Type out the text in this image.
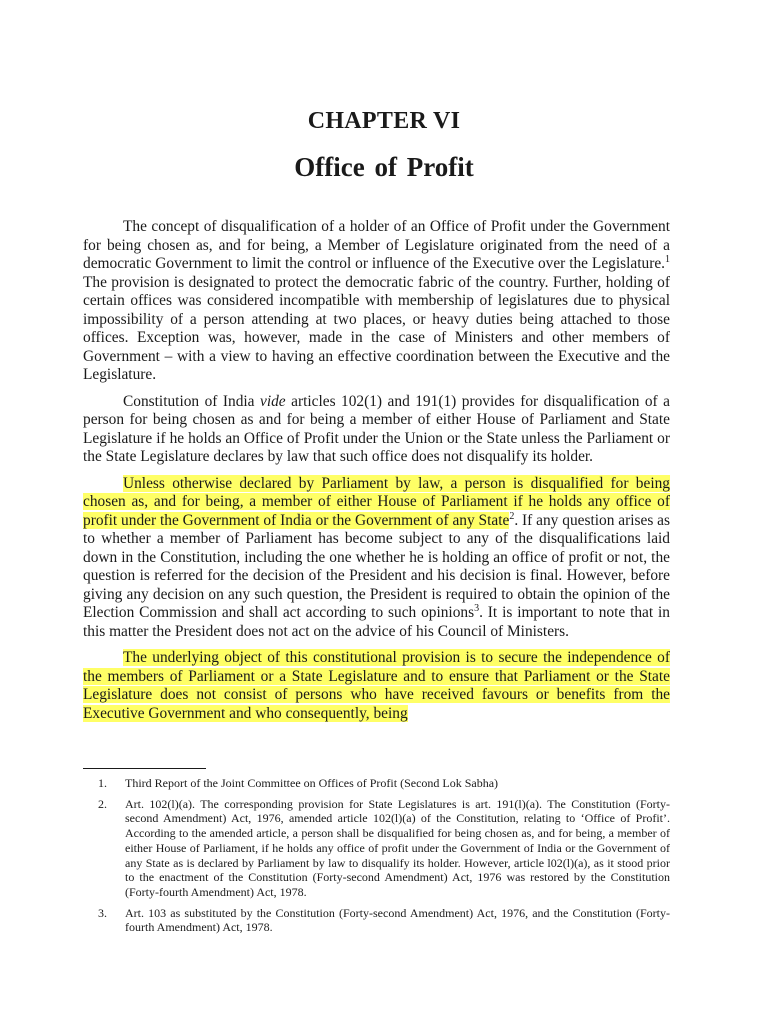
CHAPTER VI
Office of Profit

The concept of disqualification of a holder of an Office of Profit under the Government for being chosen as, and for being, a Member of Legislature originated from the need of a democratic Government to limit the control or influence of the Executive over the Legislature.$^1$ The provision is designated to protect the democratic fabric of the country. Further, holding of certain offices was considered incompatible with membership of legislatures due to physical impossibility of a person attending at two places, or heavy duties being attached to those offices. Exception was, however, made in the case of Ministers and other members of Government – with a view to having an effective coordination between the Executive and the Legislature.

Constitution of India vide articles 102(1) and 191(1) provides for disqualification of a person for being chosen as and for being a member of either House of Parliament and State Legislature if he holds an Office of Profit under the Union or the State unless the Parliament or the State Legislature declares by law that such office does not disqualify its holder.

Unless otherwise declared by Parliament by law, a person is disqualified for being chosen as, and for being, a member of either House of Parliament if he holds any office of profit under the Government of India or the Government of any State$^2$. If any question arises as to whether a member of Parliament has become subject to any of the disqualifications laid down in the Constitution, including the one whether he is holding an office of profit or not, the question is referred for the decision of the President and his decision is final. However, before giving any decision on any such question, the President is required to obtain the opinion of the Election Commission and shall act according to such opinions$^3$. It is important to note that in this matter the President does not act on the advice of his Council of Ministers.

The underlying object of this constitutional provision is to secure the independence of the members of Parliament or a State Legislature and to ensure that Parliament or the State Legislature does not consist of persons who have received favours or benefits from the Executive Government and who consequently, being

1.	Third Report of the Joint Committee on Offices of Profit (Second Lok Sabha)
2.	Art. 102(l)(a). The corresponding provision for State Legislatures is art. 191(l)(a). The Constitution (Forty-second Amendment) Act, 1976, amended article 102(l)(a) of the Constitution, relating to ‘Office of Profit’. According to the amended article, a person shall be disqualified for being chosen as, and for being, a member of either House of Parliament, if he holds any office of profit under the Government of India or the Government of any State as is declared by Parliament by law to disqualify its holder. However, article l02(l)(a), as it stood prior to the enactment of the Constitution (Forty-second Amendment) Act, 1976 was restored by the Constitution (Forty-fourth Amendment) Act, 1978.
3.	Art. 103 as substituted by the Constitution (Forty-second Amendment) Act, 1976, and the Constitution (Forty-fourth Amendment) Act, 1978.
